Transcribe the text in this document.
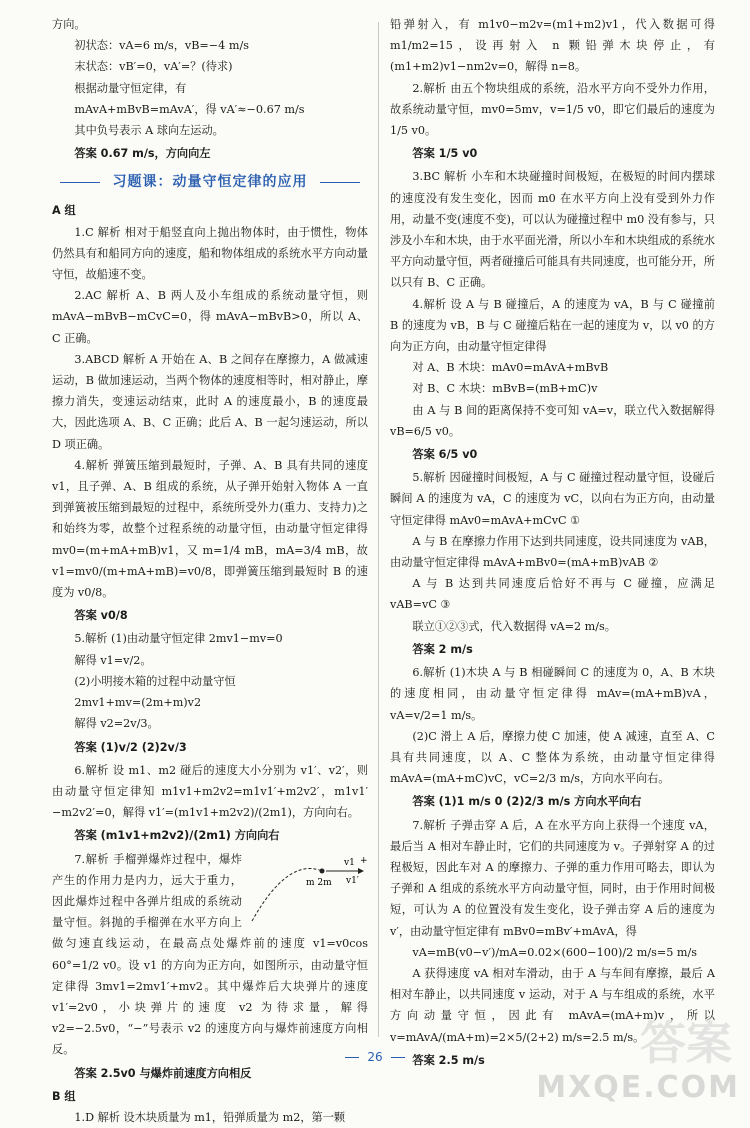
方向。

初状态：vA=6 m/s，vB=−4 m/s

末状态：vB′=0，vA′=？(待求)

根据动量守恒定律，有

mAvA+mBvB=mAvA′，得 vA′≈−0.67 m/s

其中负号表示 A 球向左运动。

答案 0.67 m/s，方向向左

习题课：动量守恒定律的应用

A 组

1.C 解析 相对于船竖直向上抛出物体时，由于惯性，物体仍然具有和船同方向的速度，船和物体组成的系统水平方向动量守恒，故船速不变。

2.AC 解析 A、B 两人及小车组成的系统动量守恒，则 mAvA−mBvB−mCvC=0，得 mAvA−mBvB>0，所以 A、C 正确。

3.ABCD 解析 A 开始在 A、B 之间存在摩擦力，A 做减速运动，B 做加速运动，当两个物体的速度相等时，相对静止，摩擦力消失，变速运动结束，此时 A 的速度最小，B 的速度最大，因此选项 A、B、C 正确；此后 A、B 一起匀速运动，所以 D 项正确。

4.解析 弹簧压缩到最短时，子弹、A、B 具有共同的速度 v1，且子弹、A、B 组成的系统，从子弹开始射入物体 A 一直到弹簧被压缩到最短的过程中，系统所受外力(重力、支持力)之和始终为零，故整个过程系统的动量守恒，由动量守恒定律得 mv0=(m+mA+mB)v1，又 m=1/4 mB，mA=3/4 mB，故 v1=mv0/(m+mA+mB)=v0/8，即弹簧压缩到最短时 B 的速度为 v0/8。

答案 v0/8

5.解析 (1)由动量守恒定律 2mv1−mv=0

解得 v1=v/2。

(2)小明接木箱的过程中动量守恒

2mv1+mv=(2m+m)v2

解得 v2=2v/3。

答案 (1)v/2 (2)2v/3

6.解析 设 m1、m2 碰后的速度大小分别为 v1′、v2′，则由动量守恒定律知 m1v1+m2v2=m1v1′+m2v2′，m1v1′−m2v2′=0，解得 v1′=(m1v1+m2v2)/(2m1)，方向向右。

答案 (m1v1+m2v2)/(2m1) 方向向右

v1 +
v1′
m 2m

7.解析 手榴弹爆炸过程中，爆炸产生的作用力是内力，远大于重力，因此爆炸过程中各弹片组成的系统动量守恒。斜抛的手榴弹在水平方向上做匀速直线运动，在最高点处爆炸前的速度 v1=v0cos 60°=1/2 v0。设 v1 的方向为正方向，如图所示，由动量守恒定律得 3mv1=2mv1′+mv2。其中爆炸后大块弹片的速度 v1′=2v0，小块弹片的速度 v2 为待求量，解得 v2=−2.5v0，“−”号表示 v2 的速度方向与爆炸前速度方向相反。

答案 2.5v0 与爆炸前速度方向相反

B 组

1.D 解析 设木块质量为 m1，铅弹质量为 m2，第一颗

铅弹射入，有 m1v0−m2v=(m1+m2)v1，代入数据可得 m1/m2=15，设再射入 n 颗铅弹木块停止，有 (m1+m2)v1−nm2v=0，解得 n=8。

2.解析 由五个物块组成的系统，沿水平方向不受外力作用，故系统动量守恒，mv0=5mv，v=1/5 v0，即它们最后的速度为 1/5 v0。

答案 1/5 v0

3.BC 解析 小车和木块碰撞时间极短，在极短的时间内摆球的速度没有发生变化，因而 m0 在水平方向上没有受到外力作用，动量不变(速度不变)，可以认为碰撞过程中 m0 没有参与，只涉及小车和木块，由于水平面光滑，所以小车和木块组成的系统水平方向动量守恒，两者碰撞后可能具有共同速度，也可能分开，所以只有 B、C 正确。

4.解析 设 A 与 B 碰撞后，A 的速度为 vA，B 与 C 碰撞前 B 的速度为 vB，B 与 C 碰撞后粘在一起的速度为 v，以 v0 的方向为正方向，由动量守恒定律得

对 A、B 木块：mAv0=mAvA+mBvB

对 B、C 木块：mBvB=(mB+mC)v

由 A 与 B 间的距离保持不变可知 vA=v，联立代入数据解得 vB=6/5 v0。

答案 6/5 v0

5.解析 因碰撞时间极短，A 与 C 碰撞过程动量守恒，设碰后瞬间 A 的速度为 vA，C 的速度为 vC，以向右为正方向，由动量守恒定律得 mAv0=mAvA+mCvC ①

A 与 B 在摩擦力作用下达到共同速度，设共同速度为 vAB，由动量守恒定律得 mAvA+mBv0=(mA+mB)vAB ②

A 与 B 达到共同速度后恰好不再与 C 碰撞，应满足 vAB=vC ③

联立①②③式，代入数据得 vA=2 m/s。

答案 2 m/s

6.解析 (1)木块 A 与 B 相碰瞬间 C 的速度为 0，A、B 木块的速度相同，由动量守恒定律得 mAv=(mA+mB)vA，vA=v/2=1 m/s。

(2)C 滑上 A 后，摩擦力使 C 加速，使 A 减速，直至 A、C 具有共同速度，以 A、C 整体为系统，由动量守恒定律得 mAvA=(mA+mC)vC，vC=2/3 m/s，方向水平向右。

答案 (1)1 m/s 0 (2)2/3 m/s 方向水平向右

7.解析 子弹击穿 A 后，A 在水平方向上获得一个速度 vA，最后当 A 相对车静止时，它们的共同速度为 v。子弹射穿 A 的过程极短，因此车对 A 的摩擦力、子弹的重力作用可略去，即认为子弹和 A 组成的系统水平方向动量守恒，同时，由于作用时间极短，可认为 A 的位置没有发生变化，设子弹击穿 A 后的速度为 v′，由动量守恒定律有 mBv0=mBv′+mAvA，得

vA=mB(v0−v′)/mA=0.02×(600−100)/2 m/s=5 m/s

A 获得速度 vA 相对车滑动，由于 A 与车间有摩擦，最后 A 相对车静止，以共同速度 v 运动，对于 A 与车组成的系统，水平方向动量守恒，因此有 mAvA=(mA+m)v，所以 v=mAvA/(mA+m)=2×5/(2+2) m/s=2.5 m/s。

答案 2.5 m/s

26	答案
MXQE.COM
